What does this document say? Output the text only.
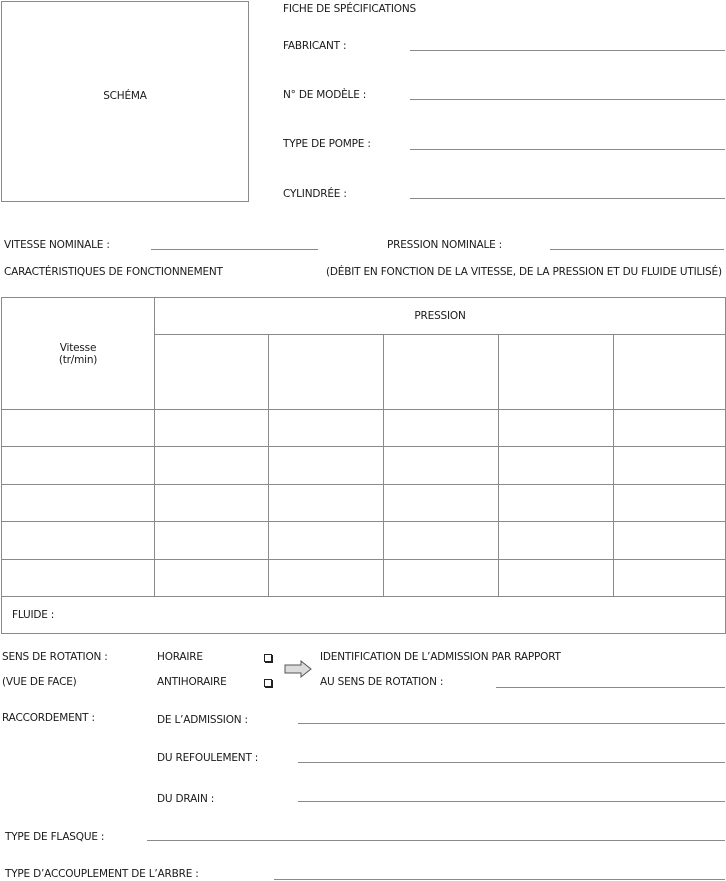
SCHÉMA
FICHE DE SPÉCIFICATIONS
FABRICANT :
N° DE MODÈLE :
TYPE DE POMPE :
CYLINDRÉE :
VITESSE NOMINALE :	PRESSION NOMINALE :
CARACTÉRISTIQUES DE FONCTIONNEMENT	(DÉBIT EN FONCTION DE LA VITESSE, DE LA PRESSION ET DU FLUIDE UTILISÉ)
Vitesse
(tr/min)	PRESSION				

FLUIDE :					
SENS DE ROTATION :
(VUE DE FACE)
HORAIRE
ANTIHORAIRE
IDENTIFICATION DE L’ADMISSION PAR RAPPORT
AU SENS DE ROTATION :
RACCORDEMENT :	DE L’ADMISSION :
DU REFOULEMENT :
DU DRAIN :
TYPE DE FLASQUE :
TYPE D’ACCOUPLEMENT DE L’ARBRE :
